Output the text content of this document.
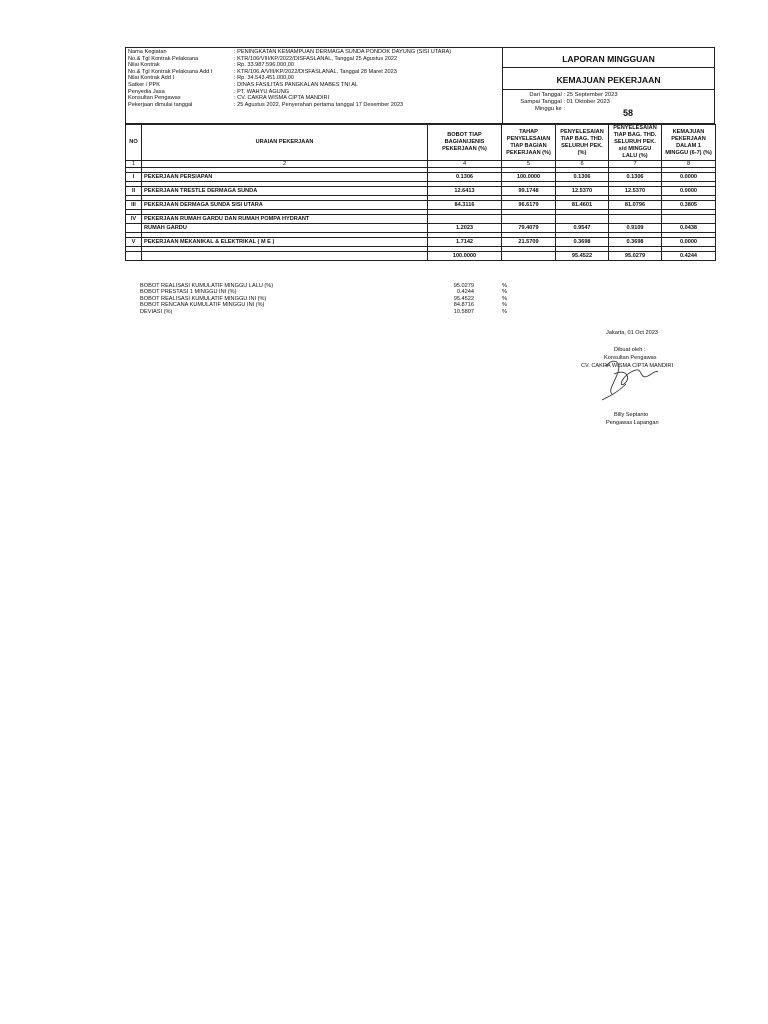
Nama Kegiatan	: PENINGKATAN KEMAMPUAN DERMAGA SUNDA PONDOK DAYUNG (SISI UTARA)
No.& Tgl Kontrak Pelaksana	: KTR/106/VIII/KP/2022/DISFASLANAL, Tanggal 25 Agustus 2022
Nilai Kontrak	: Rp. 33.987.596.000,00
No.& Tgl Kontrak Pelaksana Add I	: KTR/106.A/VIII/KP/2022/DISFASLANAL, Tanggal 28 Maret 2023
Nilai Kontrak Add I	: Rp. 34.543.451.000,00
Satker / PPK	: DINAS FASILITAS PANGKALAN MABES TNI AL
Penyedia Jasa	: PT. WAHYU AGUNG
Konsultan Pengawas	: CV. CAKRA WISMA CIPTA MANDIRI
Pekerjaan dimulai tanggal	: 25 Agustus 2022, Penyerahan pertama tanggal 17 Desember 2023
LAPORAN MINGGUAN
KEMAJUAN PEKERJAAN
Dari Tanggal : 25 September 2023
Sampai Tanggal : 01 Oktober 2023
Minggu ke :	58
NO	URAIAN PEKERJAAN	BOBOT TIAP BAGIAN/JENIS PEKERJAAN (%)	TAHAP PENYELESAIAN TIAP BAGIAN PEKERJAAN (%)	PENYELESAIAN TIAP BAG. THD. SELURUH PEK. (%)	PENYELESAIAN TIAP BAG. THD. SELURUH PEK. s/d MINGGU LALU (%)	KEMAJUAN PEKERJAAN DALAM 1 MINGGU (6-7) (%)
1	2	4	5	6	7	8

I	PEKERJAAN PERSIAPAN	0.1306	100.0000	0.1306	0.1306	0.0000

II	PEKERJAAN TRESTLE DERMAGA SUNDA	12.6413	99.1748	12.5370	12.5370	0.0000

III	PEKERJAAN DERMAGA SUNDA SISI UTARA	84.3116	96.6179	81.4601	81.0796	0.3805

IV	PEKERJAAN RUMAH GARDU DAN RUMAH POMPA HYDRANT					
	RUMAH GARDU	1.2023	79.4079	0.9547	0.9109	0.0438

V	PEKERJAAN MEKANIKAL & ELEKTRIKAL ( M E )	1.7142	21.5709	0.3698	0.3698	0.0000

		100.0000		95.4522	95.0279	0.4244
BOBOT REALISASI KUMULATIF MINGGU LALU (%)	95.0279	%
BOBOT PRESTASI 1 MINGGU INI (%)	0.4244	%
BOBOT REALISASI KUMULATIF MINGGU INI (%)	95.4522	%
BOBOT RENCANA KUMULATIF MINGGU INI (%)	84.8716	%
DEVIASI (%)	10.5807	%
Jakarta, 01 Oct 2023
Dibuat oleh :
Konsultan Pengawas
CV. CAKRA WISMA CIPTA MANDIRI
Billy Septanto
Pengawas Lapangan
